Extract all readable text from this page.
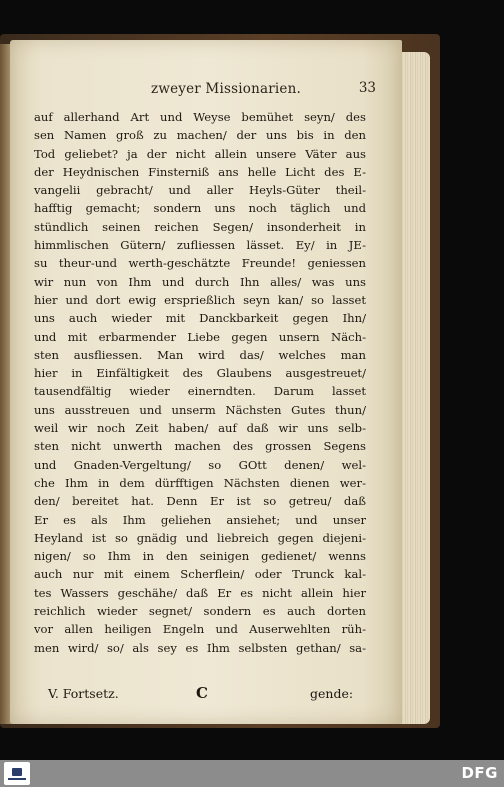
zweyer Missionarien.	33
auf allerhand Art und Weyse bemühet seyn/ des
sen Namen groß zu machen/ der uns bis in den
Tod geliebet? ja der nicht allein unsere Väter aus
der Heydnischen Finsterniß ans helle Licht des E-
vangelii gebracht/ und aller Heyls-Güter theil-
hafftig gemacht; sondern uns noch täglich und
stündlich seinen reichen Segen/ insonderheit in
himmlischen Gütern/ zufliessen lässet. Ey/ in JE-
su theur-und werth-geschätzte Freunde! geniessen
wir nun von Ihm und durch Ihn alles/ was uns
hier und dort ewig ersprießlich seyn kan/ so lasset
uns auch wieder mit Danckbarkeit gegen Ihn/
und mit erbarmender Liebe gegen unsern Näch-
sten ausfliessen. Man wird das/ welches man
hier in Einfältigkeit des Glaubens ausgestreuet/
tausendfältig wieder einerndten. Darum lasset
uns ausstreuen und unserm Nächsten Gutes thun/
weil wir noch Zeit haben/ auf daß wir uns selb-
sten nicht unwerth machen des grossen Segens
und Gnaden-Vergeltung/ so GOtt denen/ wel-
che Ihm in dem dürfftigen Nächsten dienen wer-
den/ bereitet hat. Denn Er ist so getreu/ daß
Er es als Ihm geliehen ansiehet; und unser
Heyland ist so gnädig und liebreich gegen diejeni-
nigen/ so Ihm in den seinigen gedienet/ wenns
auch nur mit einem Scherflein/ oder Trunck kal-
tes Wassers geschähe/ daß Er es nicht allein hier
reichlich wieder segnet/ sondern es auch dorten
vor allen heiligen Engeln und Auserwehlten rüh-
men wird/ so/ als sey es Ihm selbsten gethan/ sa-
V. Fortsetz.	C	gende:
DFG
